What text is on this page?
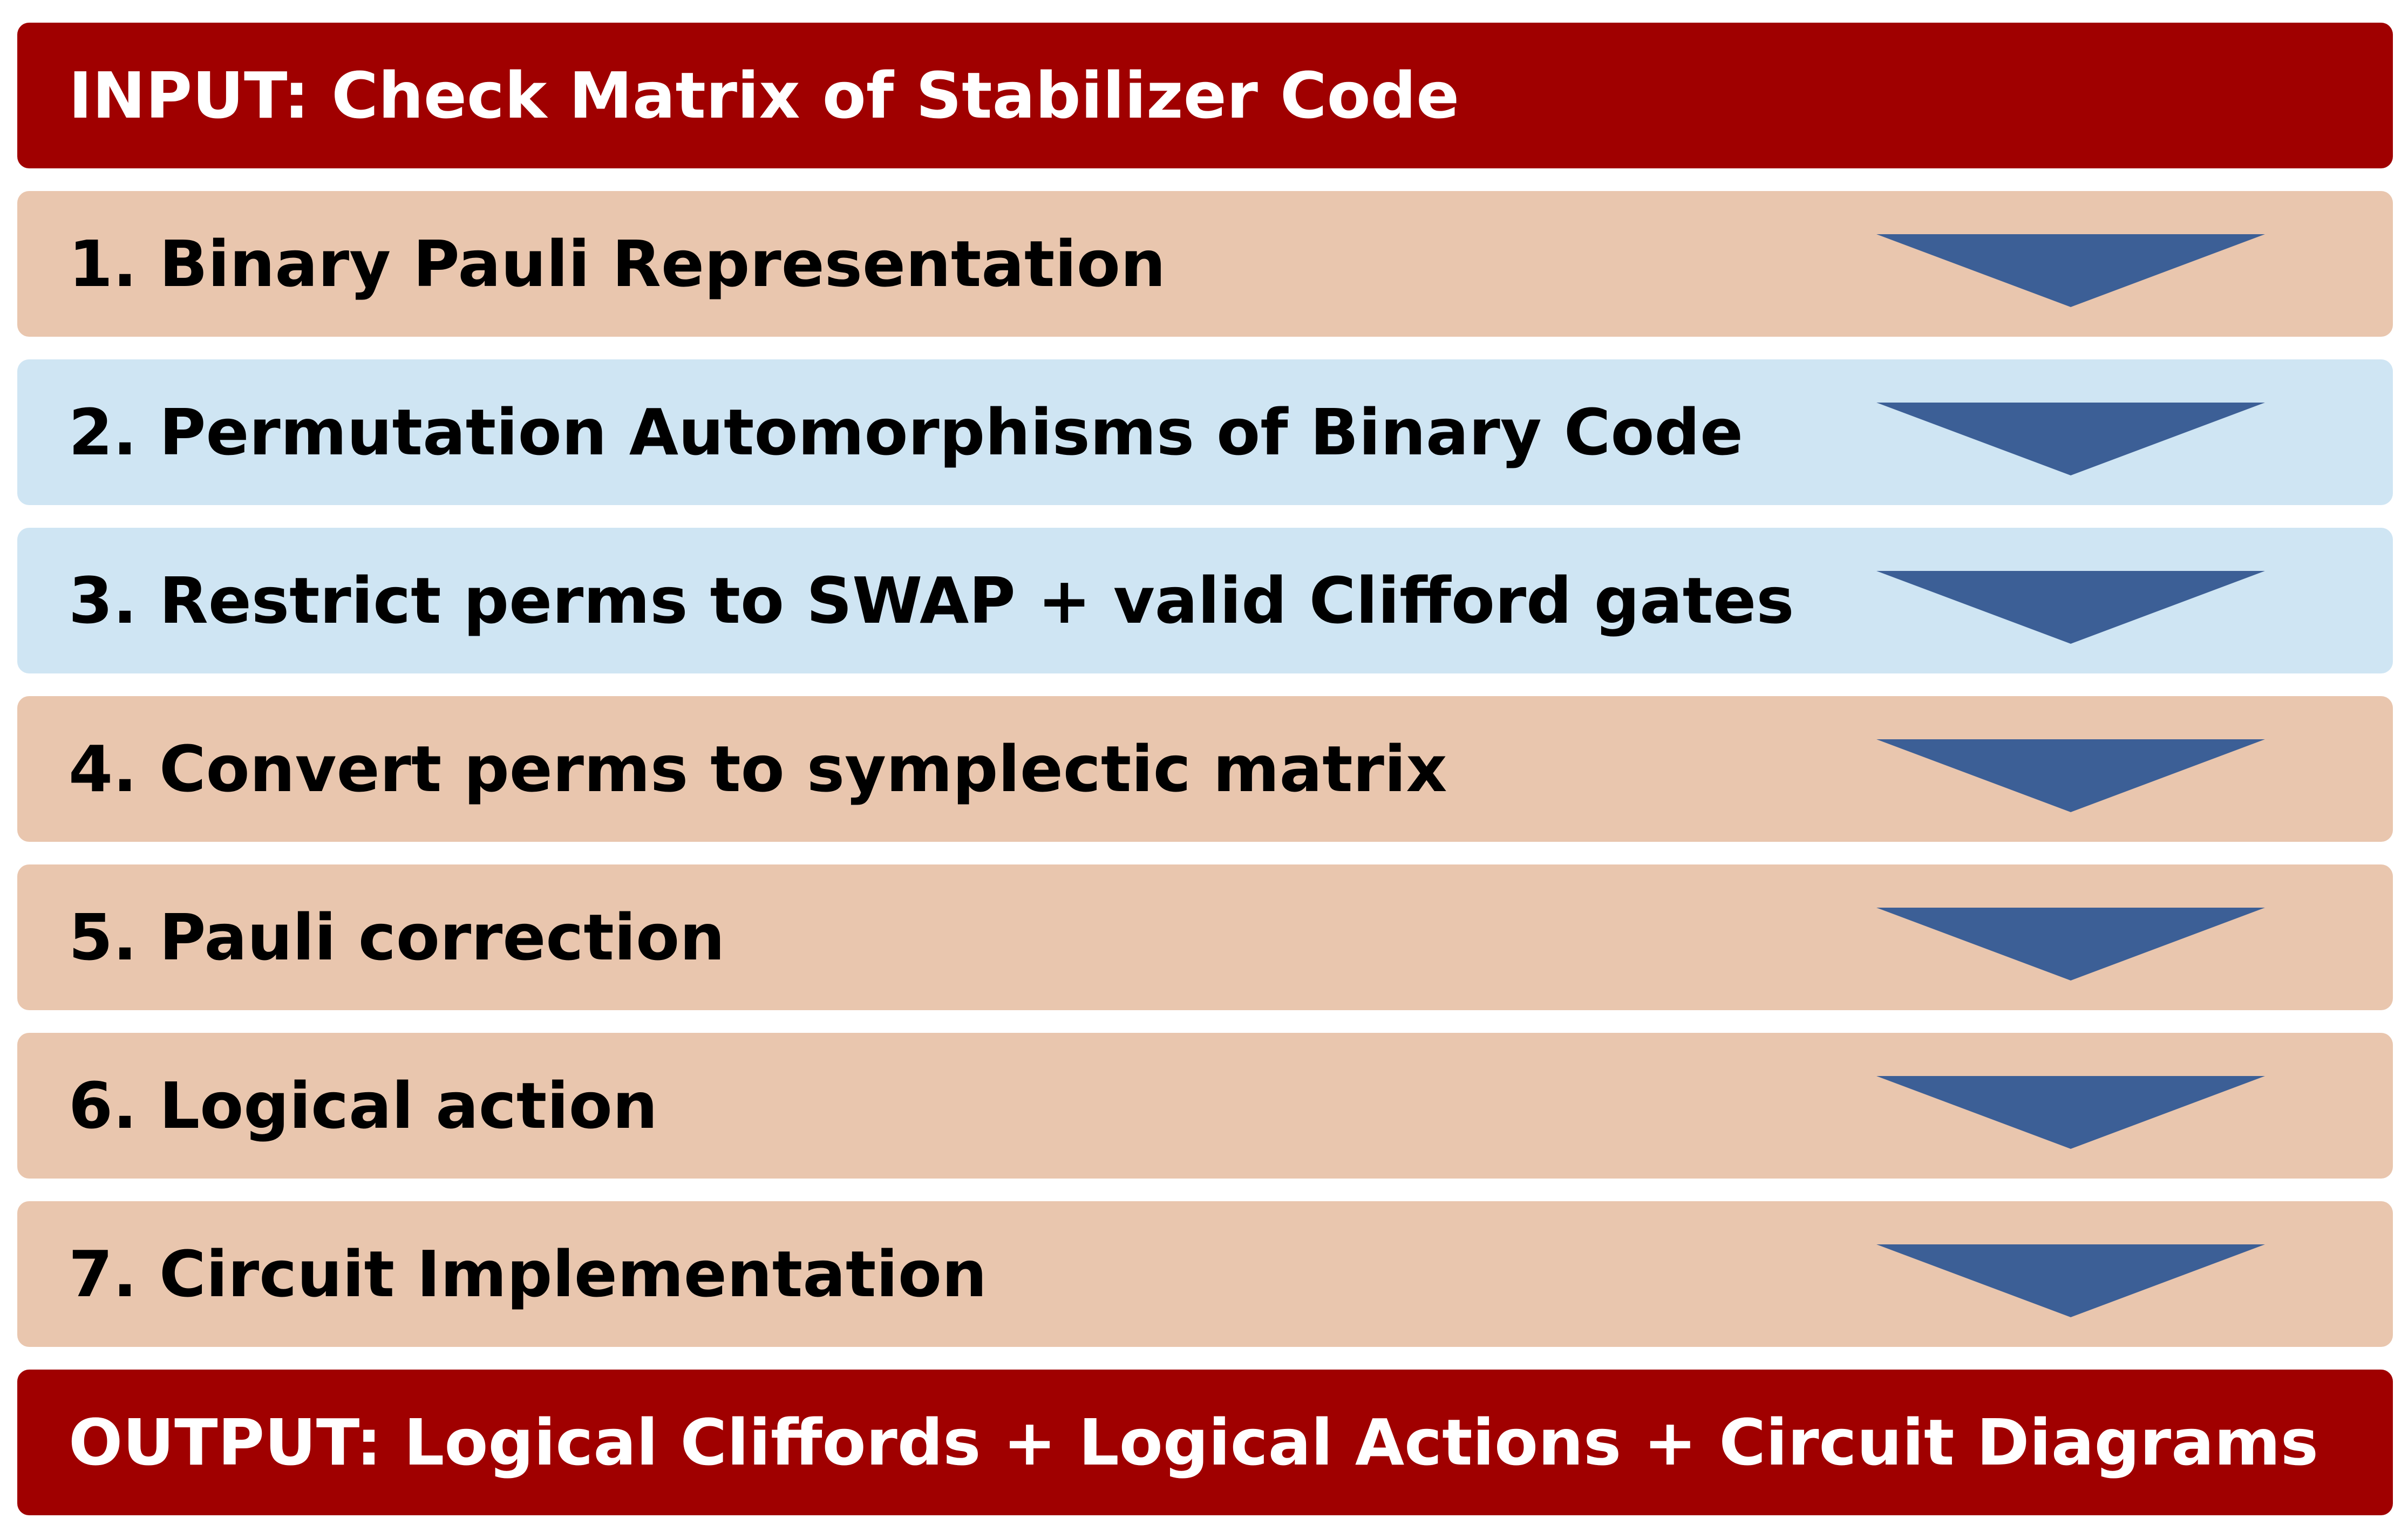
INPUT: Check Matrix of Stabilizer Code
1. Binary Pauli Representation
2. Permutation Automorphisms of Binary Code
3. Restrict perms to SWAP + valid Clifford gates
4. Convert perms to symplectic matrix
5. Pauli correction
6. Logical action
7. Circuit Implementation
OUTPUT: Logical Cliffords + Logical Actions + Circuit Diagrams
